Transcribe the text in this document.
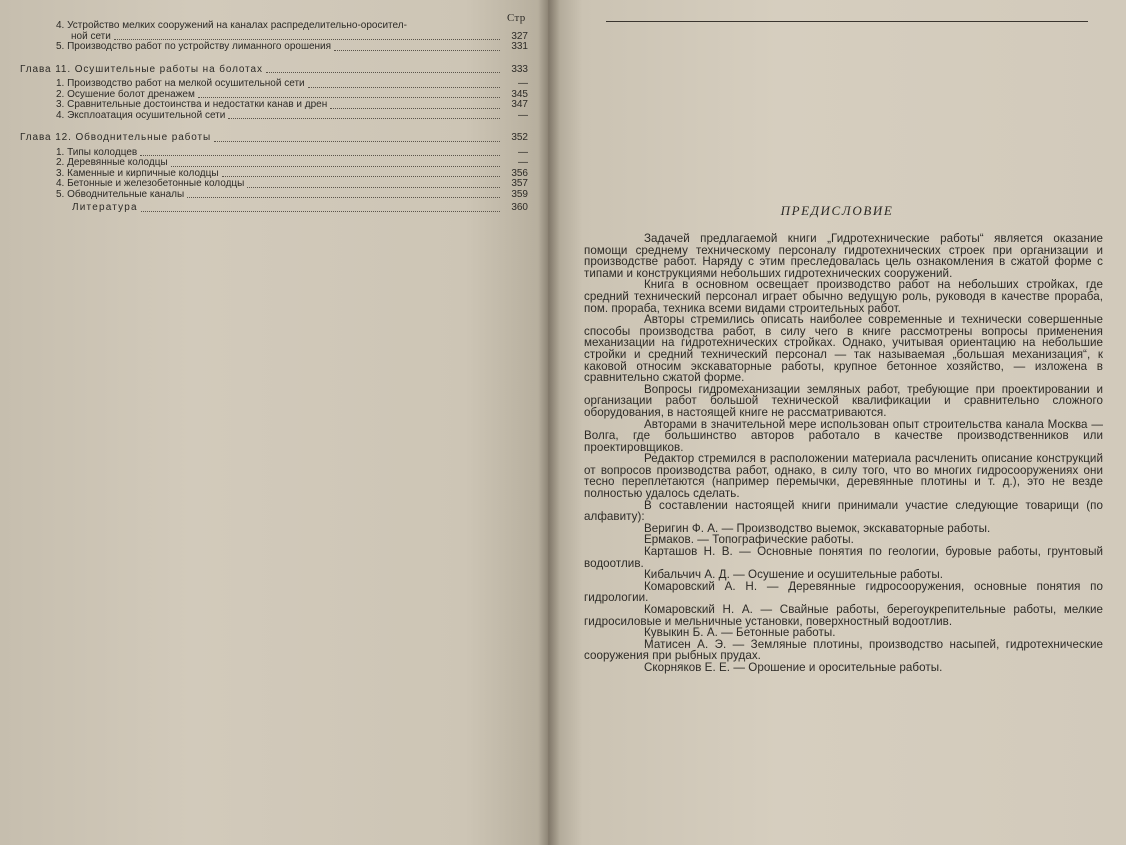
Стр
4. Устройство мелких сооружений на каналах распределительно-оросител-
ной сети	327
5. Производство работ по устройству лиманного орошения	331
Глава 11. Осушительные работы на болотах	333
1. Производство работ на мелкой осушительной сети	—
2. Осушение болот дренажем	345
3. Сравнительные достоинства и недостатки канав и дрен	347
4. Эксплоатация осушительной сети	—
Глава 12. Обводнительные работы	352
1. Типы колодцев	—
2. Деревянные колодцы	—
3. Каменные и кирпичные колодцы	356
4. Бетонные и железобетонные колодцы	357
5. Обводнительные каналы	359
Литература	360	ПРЕДИСЛОВИЕ

Задачей предлагаемой книги „Гидротехнические работы“ является оказание помощи среднему техническому персоналу гидротехнических строек при организации и производстве работ. Наряду с этим преследовалась цель ознакомления в сжатой форме с типами и конструкциями небольших гидротехнических сооружений.

Книга в основном освещает производство работ на небольших стройках, где средний технический персонал играет обычно ведущую роль, руководя в качестве прораба, пом. прораба, техника всеми видами строительных работ.

Авторы стремились описать наиболее современные и технически совершенные способы производства работ, в силу чего в книге рассмотрены вопросы применения механизации на гидротехнических стройках. Однако, учитывая ориентацию на небольшие стройки и средний технический персонал — так называемая „большая механизация“, к каковой относим экскаваторные работы, крупное бетонное хозяйство, — изложена в сравнительно сжатой форме.

Вопросы гидромеханизации земляных работ, требующие при проектировании и организации работ большой технической квалификации и сравнительно сложного оборудования, в настоящей книге не рассматриваются.

Авторами в значительной мере использован опыт строительства канала Москва — Волга, где большинство авторов работало в качестве производственников или проектировщиков.

Редактор стремился в расположении материала расчленить описание конструкций от вопросов производства работ, однако, в силу того, что во многих гидросооружениях они тесно переплетаются (например перемычки, деревянные плотины и т. д.), это не везде полностью удалось сделать.

В составлении настоящей книги принимали участие следующие товарищи (по алфавиту):

Веригин Ф. А. — Производство выемок, экскаваторные работы.

Ермаков. — Топографические работы.

Карташов Н. В. — Основные понятия по геологии, буровые работы, грунтовый водоотлив.

Кибальчич А. Д. — Осушение и осушительные работы.

Комаровский А. Н. — Деревянные гидросооружения, основные понятия по гидрологии.

Комаровский Н. А. — Свайные работы, берегоукрепительные работы, мелкие гидросиловые и мельничные установки, поверхностный водоотлив.

Кувыкин Б. А. — Бетонные работы.

Матисен А. Э. — Земляные плотины, производство насыпей, гидротехнические сооружения при рыбных прудах.

Скорняков Е. Е. — Орошение и оросительные работы.
